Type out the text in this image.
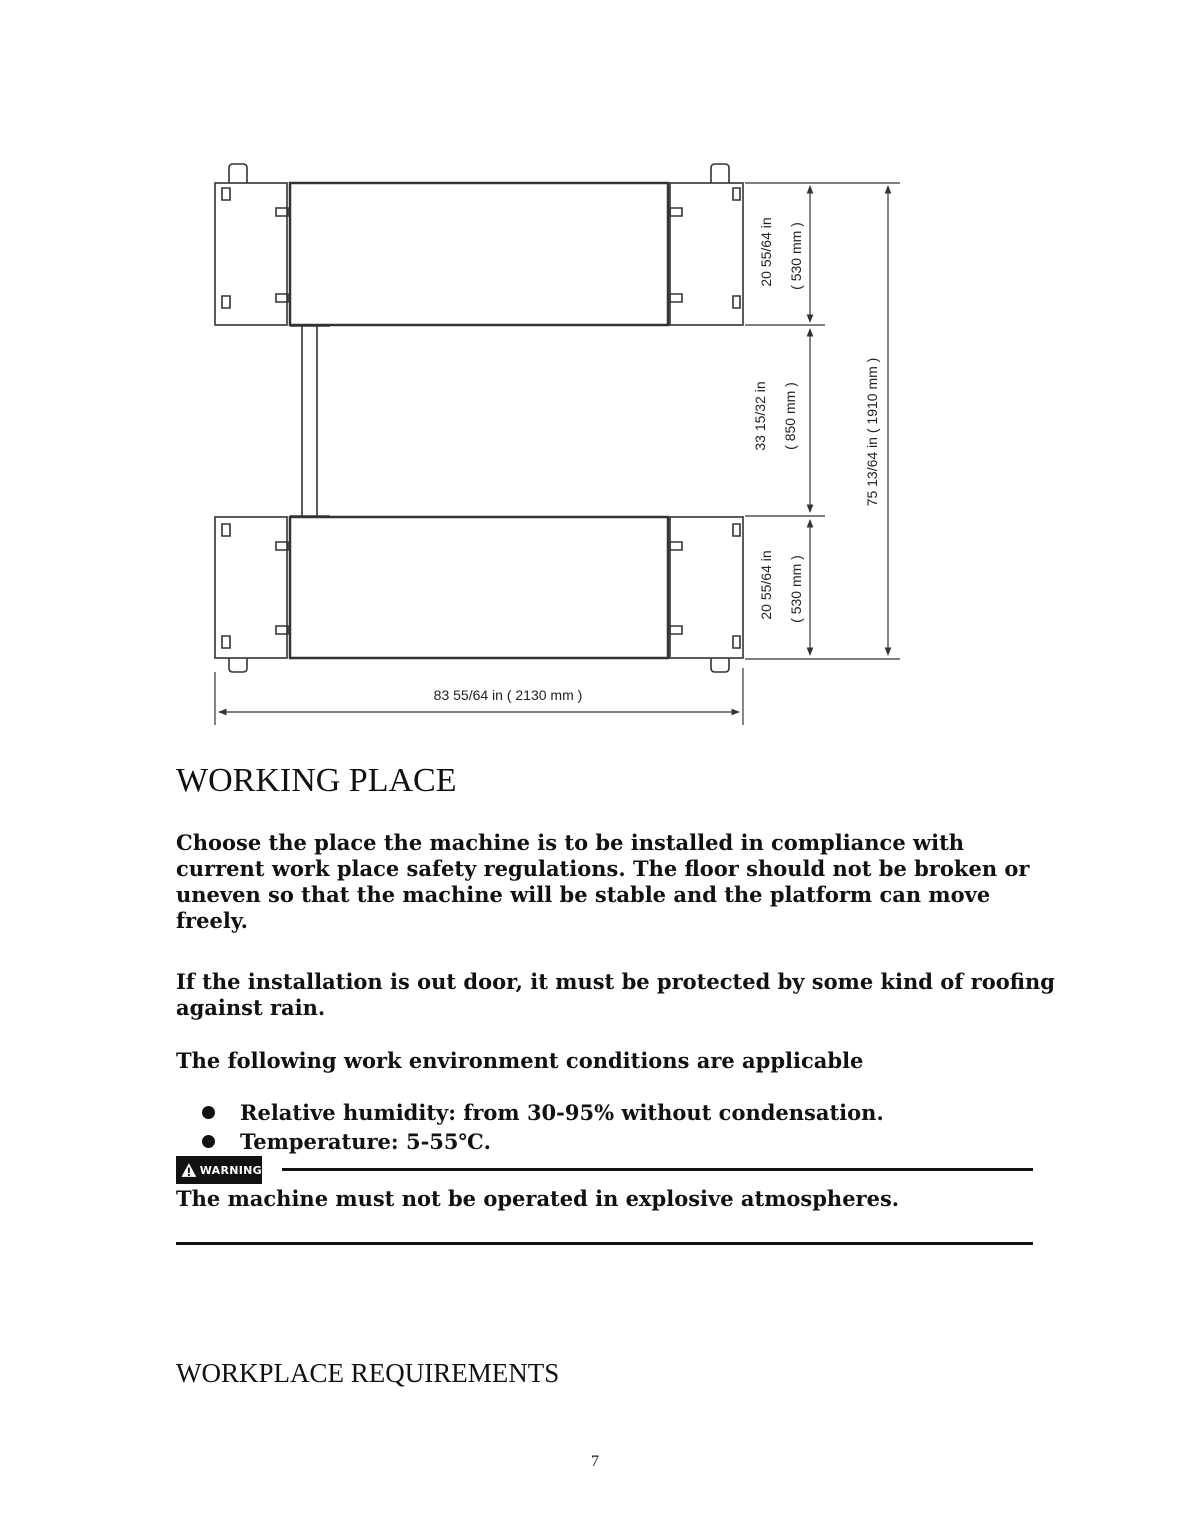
20 55/64 in ( 530 mm )
33 15/32 in ( 850 mm )
20 55/64 in ( 530 mm )
75 13/64 in ( 1910 mm )
83 55/64 in ( 2130 mm )
WORKING PLACE

Choose the place the machine is to be installed in compliance with current work place safety regulations. The floor should not be broken or uneven so that the machine will be stable and the platform can move freely.

If the installation is out door, it must be protected by some kind of roofing against rain.

The following work environment conditions are applicable

Relative humidity: from 30-95% without condensation.
Temperature: 5-55℃.
WARNING

The machine must not be operated in explosive atmospheres.

WORKPLACE REQUIREMENTS
7
